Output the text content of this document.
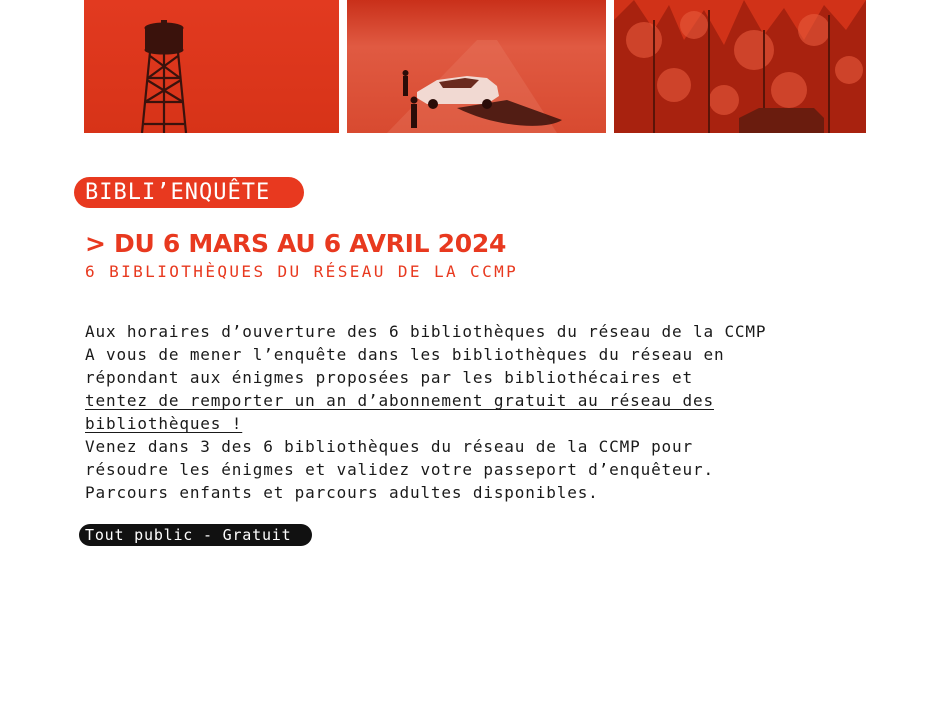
BIBLI’ENQUÊTE
> DU 6 MARS AU 6 AVRIL 2024
6 BIBLIOTHÈQUES DU RÉSEAU DE LA CCMP

Aux horaires d’ouverture des 6 bibliothèques du réseau de la CCMP
A vous de mener l’enquête dans les bibliothèques du réseau en
répondant aux énigmes proposées par les bibliothécaires et
tentez de remporter un an d’abonnement gratuit au réseau des
bibliothèques !
Venez dans 3 des 6 bibliothèques du réseau de la CCMP pour
résoudre les énigmes et validez votre passeport d’enquêteur.
Parcours enfants et parcours adultes disponibles.

Tout public - Gratuit
